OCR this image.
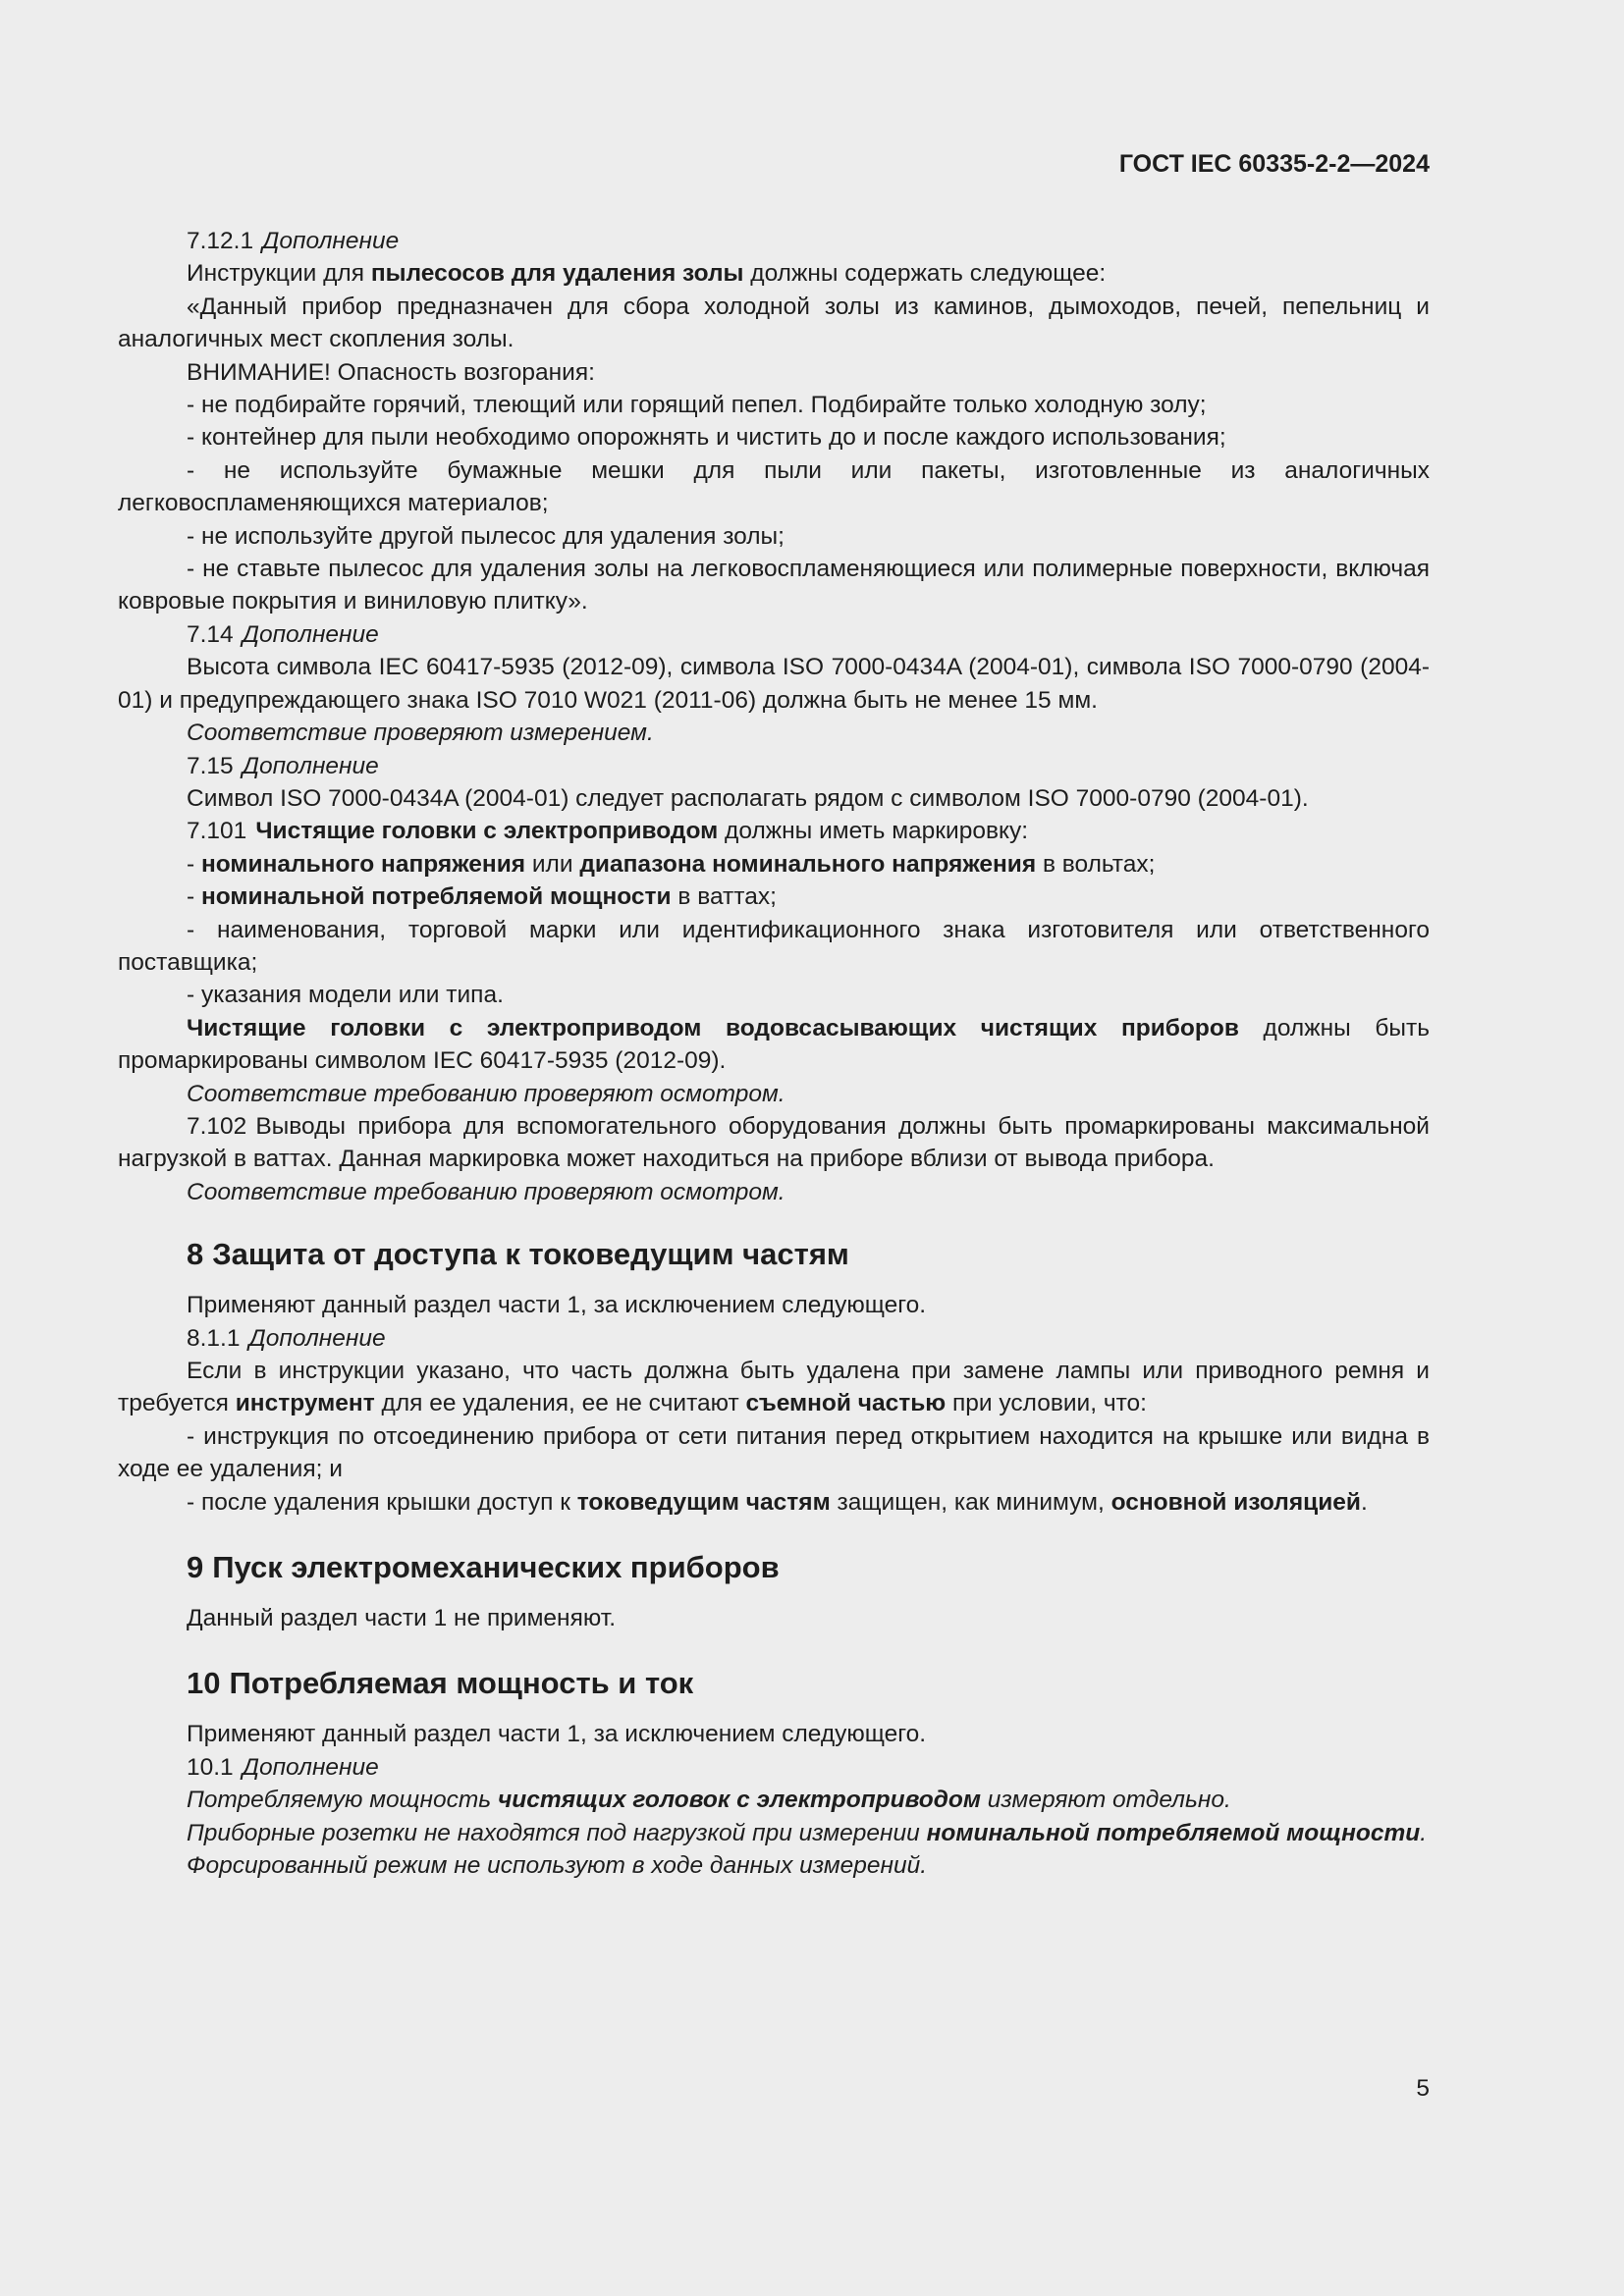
ГОСТ IEC 60335-2-2—2024

7.12.1 Дополнение

Инструкции для пылесосов для удаления золы должны содержать следующее:

«Данный прибор предназначен для сбора холодной золы из каминов, дымоходов, печей, пепельниц и аналогичных мест скопления золы.

ВНИМАНИЕ! Опасность возгорания:

- не подбирайте горячий, тлеющий или горящий пепел. Подбирайте только холодную золу;

- контейнер для пыли необходимо опорожнять и чистить до и после каждого использования;

- не используйте бумажные мешки для пыли или пакеты, изготовленные из аналогичных легковоспламеняющихся материалов;

- не используйте другой пылесос для удаления золы;

- не ставьте пылесос для удаления золы на легковоспламеняющиеся или полимерные поверхности, включая ковровые покрытия и виниловую плитку».

7.14 Дополнение

Высота символа IEC 60417-5935 (2012-09), символа ISO 7000-0434A (2004-01), символа ISO 7000-0790 (2004-01) и предупреждающего знака ISO 7010 W021 (2011-06) должна быть не менее 15 мм.

Соответствие проверяют измерением.

7.15 Дополнение

Символ ISO 7000-0434A (2004-01) следует располагать рядом с символом ISO 7000-0790 (2004-01).

7.101 Чистящие головки с электроприводом должны иметь маркировку:

- номинального напряжения или диапазона номинального напряжения в вольтах;

- номинальной потребляемой мощности в ваттах;

- наименования, торговой марки или идентификационного знака изготовителя или ответственного поставщика;

- указания модели или типа.

Чистящие головки с электроприводом водовсасывающих чистящих приборов должны быть промаркированы символом IEC 60417-5935 (2012-09).

Соответствие требованию проверяют осмотром.

7.102 Выводы прибора для вспомогательного оборудования должны быть промаркированы максимальной нагрузкой в ваттах. Данная маркировка может находиться на приборе вблизи от вывода прибора.

Соответствие требованию проверяют осмотром.

8 Защита от доступа к токоведущим частям

Применяют данный раздел части 1, за исключением следующего.

8.1.1 Дополнение

Если в инструкции указано, что часть должна быть удалена при замене лампы или приводного ремня и требуется инструмент для ее удаления, ее не считают съемной частью при условии, что:

- инструкция по отсоединению прибора от сети питания перед открытием находится на крышке или видна в ходе ее удаления; и

- после удаления крышки доступ к токоведущим частям защищен, как минимум, основной изоляцией.

9 Пуск электромеханических приборов

Данный раздел части 1 не применяют.

10 Потребляемая мощность и ток

Применяют данный раздел части 1, за исключением следующего.

10.1 Дополнение

Потребляемую мощность чистящих головок с электроприводом измеряют отдельно.

Приборные розетки не находятся под нагрузкой при измерении номинальной потребляемой мощности.

Форсированный режим не используют в ходе данных измерений.

5
